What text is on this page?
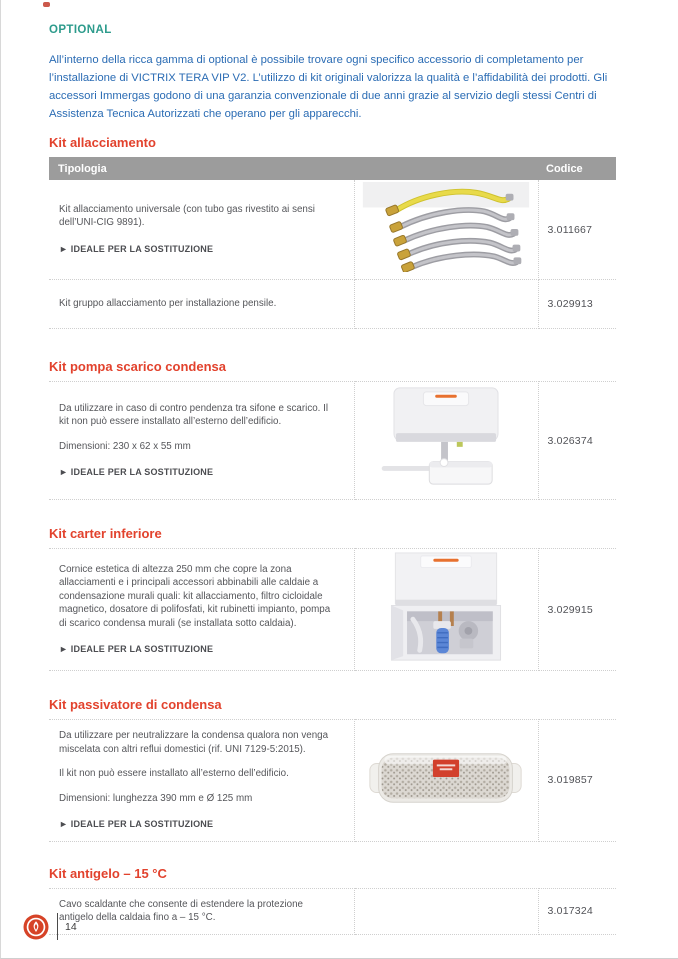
OPTIONAL

All’interno della ricca gamma di optional è possibile trovare ogni specifico accessorio di completamento per l’installazione di VICTRIX TERA VIP V2. L’utilizzo di kit originali valorizza la qualità e l’affidabilità dei prodotti. Gli accessori Immergas godono di una garanzia convenzionale di due anni grazie al servizio degli stessi Centri di Assistenza Tecnica Autorizzati che operano per gli apparecchi.

Kit allacciamento
Tipologia		Codice

Kit allacciamento universale (con tubo gas rivestito ai sensi dell’UNI-CIG 9891).

► IDEALE PER LA SOSTITUZIONE		3.011667

Kit gruppo allacciamento per installazione pensile.		3.029913
Kit pompa scarico condensa

Da utilizzare in caso di contro pendenza tra sifone e scarico. Il kit non può essere installato all’esterno dell’edificio.

Dimensioni: 230 x 62 x 55 mm

► IDEALE PER LA SOSTITUZIONE
		3.026374
Kit carter inferiore

Cornice estetica di altezza 250 mm che copre la zona allacciamenti e i principali accessori abbinabili alle caldaie a condensazione murali quali: kit allacciamento, filtro cicloidale magnetico, dosatore di polifosfati, kit rubinetti impianto, pompa di scarico condensa murali (se installata sotto caldaia).

► IDEALE PER LA SOSTITUZIONE
		3.029915
Kit passivatore di condensa

Da utilizzare per neutralizzare la condensa qualora non venga miscelata con altri reflui domestici (rif. UNI 7129-5:2015).

Il kit non può essere installato all’esterno dell’edificio.

Dimensioni: lunghezza 390 mm e Ø 125 mm

► IDEALE PER LA SOSTITUZIONE
		3.019857
Kit antigelo – 15 °C

Cavo scaldante che consente di estendere la protezione antigelo della caldaia fino a – 15 °C.

		3.017324
14
